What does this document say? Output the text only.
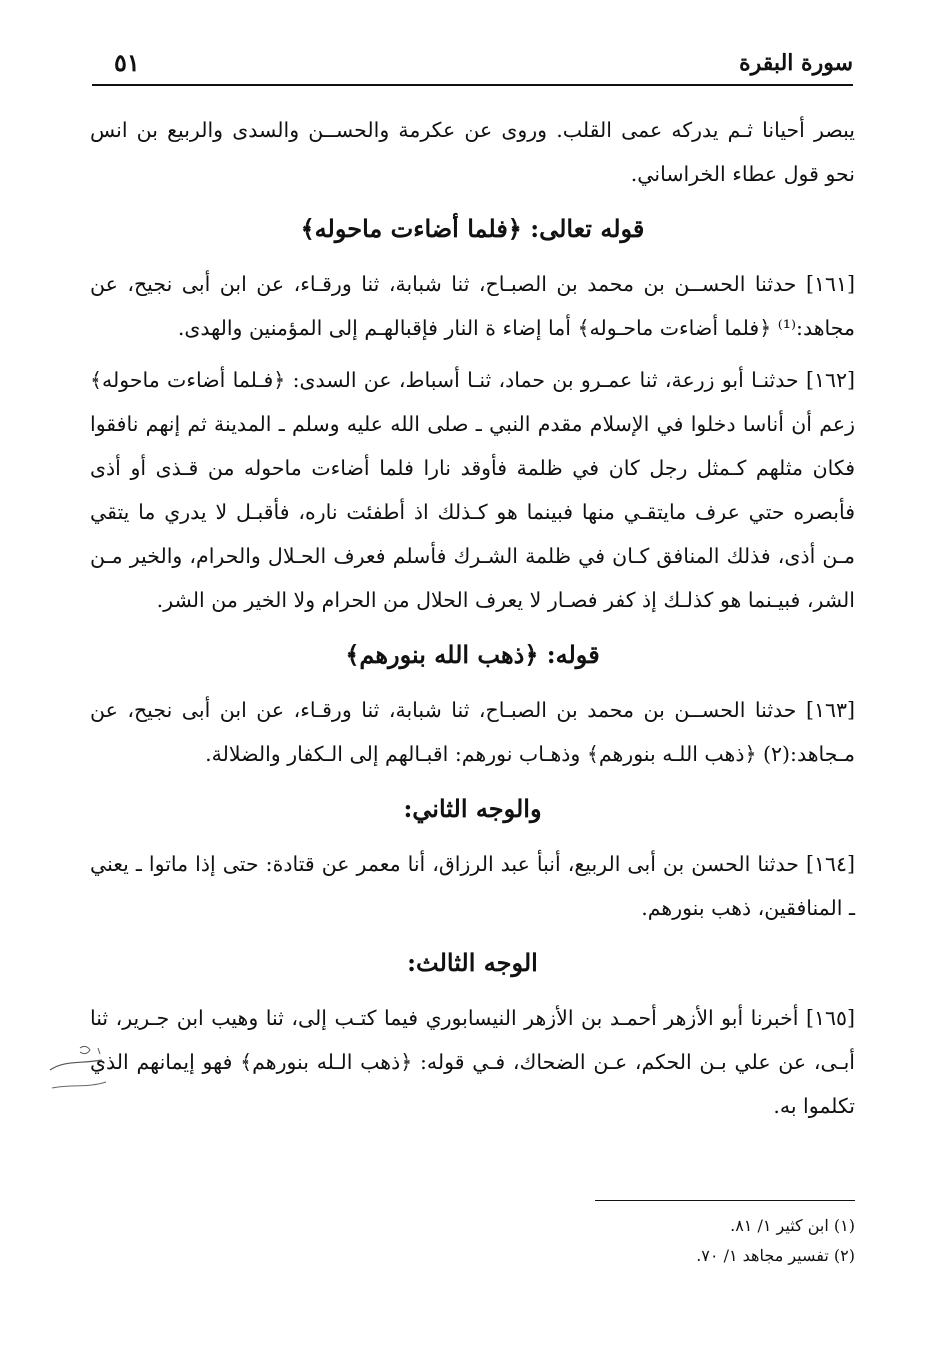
سورة البقرة
٥١

يبصر أحيانا ثـم يدركه عمى القلب. وروى عن عكرمة والحســن والسدى والربيع بن انس نحو قول عطاء الخراساني.

قوله تعالى: ﴿فلما أضاءت ماحوله﴾

[١٦١] حدثنا الحســن بن محمد بن الصبـاح، ثنا شبابة، ثنا ورقـاء، عن ابن أبى نجيح، عن مجاهد:⁽¹⁾ ﴿فلما أضاءت ماحـوله﴾ أما إضاء ة النار فإقبالهـم إلى المؤمنين والهدى.

[١٦٢] حدثنـا أبو زرعة، ثنا عمـرو بن حماد، ثنـا أسباط، عن السدى: ﴿فـلما أضاءت ماحوله﴾ زعم أن أناسا دخلوا في الإسلام مقدم النبي ـ صلى الله عليه وسلم ـ المدينة ثم إنهم نافقوا فكان مثلهم كـمثل رجل كان في ظلمة فأوقد نارا فلما أضاءت ماحوله من قـذى أو أذى فأبصره حتي عرف مايتقـي منها فبينما هو كـذلك اذ أطفئت ناره، فأقبـل لا يدري ما يتقي مـن أذى، فذلك المنافق كـان في ظلمة الشـرك فأسلم فعرف الحـلال والحرام، والخير مـن الشر، فبيـنما هو كذلـك إذ كفر فصـار لا يعرف الحلال من الحرام ولا الخير من الشر.

قوله: ﴿ذهب الله بنورهم﴾

[١٦٣] حدثنا الحســن بن محمد بن الصبـاح، ثنا شبابة، ثنا ورقـاء، عن ابن أبى نجيح، عن مـجاهد:(٢) ﴿ذهب اللـه بنورهم﴾ وذهـاب نورهم: اقبـالهم إلى الـكفار والضلالة.

والوجه الثاني:

[١٦٤] حدثنا الحسن بن أبى الربيع، أنبأ عبد الرزاق، أنا معمر عن قتادة: حتى إذا ماتوا ـ يعني ـ المنافقين، ذهب بنورهم.

الوجه الثالث:

[١٦٥] أخبرنا أبو الأزهر أحمـد بن الأزهر النيسابوري فيما كتـب إلى، ثنا وهيب ابن جـرير، ثنا أبـى، عن علي بـن الحكم، عـن الضحاك، فـي قوله: ﴿ذهب الـله بنورهم﴾ فهو إيمانهم الذي تكلموا به.

(١) ابن كثير ١/ ٨١.

(٢) تفسير مجاهد ١/ ٧٠.
